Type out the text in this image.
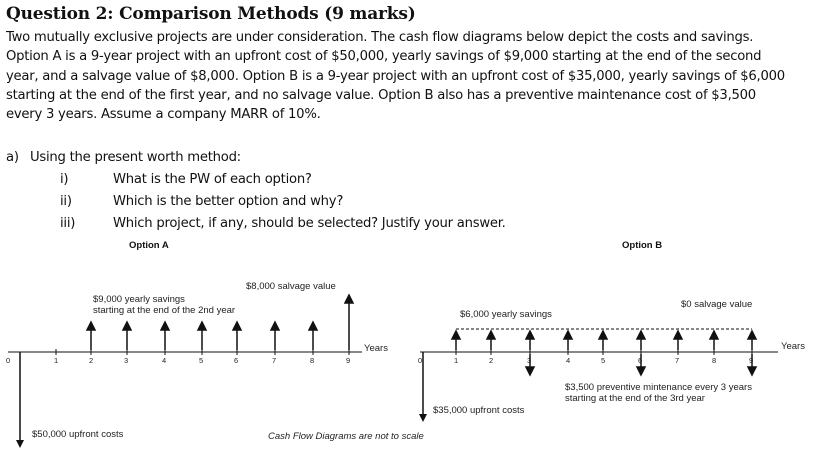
Question 2: Comparison Methods (9 marks)

Two mutually exclusive projects are under consideration. The cash flow diagrams below depict the costs and savings.

Option A is a 9-year project with an upfront cost of $50,000, yearly savings of $9,000 starting at the end of the second

year, and a salvage value of $8,000. Option B is a 9-year project with an upfront cost of $35,000, yearly savings of $6,000

starting at the end of the first year, and no salvage value. Option B also has a preventive maintenance cost of $3,500

every 3 years. Assume a company MARR of 10%.

a) Using the present worth method:
i)	What is the PW of each option?
ii)	Which is the better option and why?
iii)	Which project, if any, should be selected? Justify your answer.
Option A	Option B
$8,000 salvage value
$9,000 yearly savings
starting at the end of the 2nd year
Years
$50,000 upfront costs
0	1	2	3	4	5	6	7	8	9
$0 salvage value
$6,000 yearly savings
Years
$3,500 preventive mintenance every 3 years
starting at the end of the 3rd year
$35,000 upfront costs
Cash Flow Diagrams are not to scale
0	1	2	3	4	5	6	7	8	9
